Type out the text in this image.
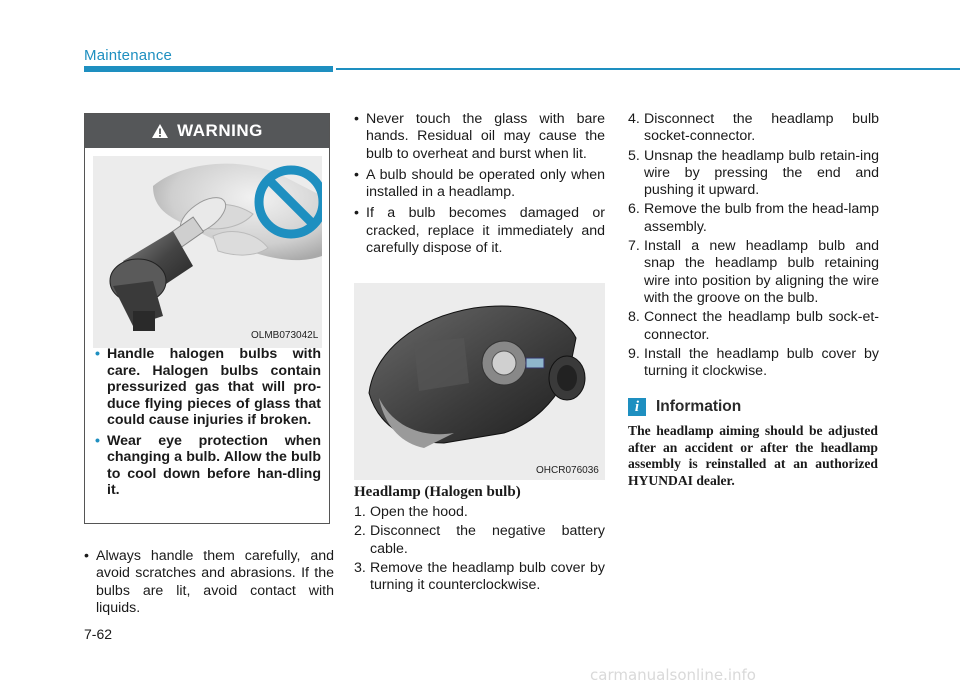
Maintenance
WARNING
OLMB073042L
• Handle halogen bulbs with care. Halogen bulbs contain pressurized gas that will pro-duce flying pieces of glass that could cause injuries if broken.
• Wear eye protection when changing a bulb. Allow the bulb to cool down before han-dling it.
• Always handle them carefully, and avoid scratches and abrasions. If the bulbs are lit, avoid contact with liquids.
• Never touch the glass with bare hands. Residual oil may cause the bulb to overheat and burst when lit.
• A bulb should be operated only when installed in a headlamp.
• If a bulb becomes damaged or cracked, replace it immediately and carefully dispose of it.
OHCR076036
Headlamp (Halogen bulb)
1. Open the hood.
2. Disconnect the negative battery cable.
3. Remove the headlamp bulb cover by turning it counterclockwise.
4. Disconnect the headlamp bulb socket-connector.
5. Unsnap the headlamp bulb retain-ing wire by pressing the end and pushing it upward.
6. Remove the bulb from the head-lamp assembly.
7. Install a new headlamp bulb and snap the headlamp bulb retaining wire into position by aligning the wire with the groove on the bulb.
8. Connect the headlamp bulb sock-et-connector.
9. Install the headlamp bulb cover by turning it clockwise.
i	Information
The headlamp aiming should be adjusted after an accident or after the headlamp assembly is reinstalled at an authorized HYUNDAI dealer.
7-62
carmanualsonline.info
